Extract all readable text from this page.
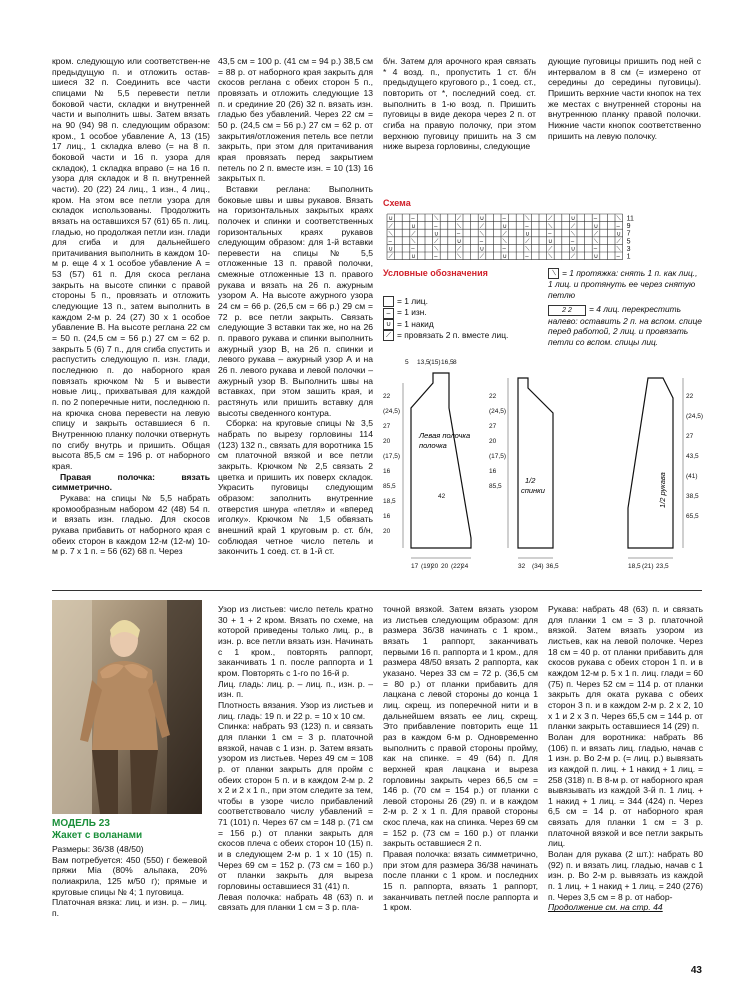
кром. следующую или соответствен-не предыдущую п. и отложить остав-шиеся 32 п. Соединить все части спицами № 5,5 перевести петли боковой части, складки и внутренней части и выполнить швы. Затем вязать на 90 (94) 98 п. следующим образом: кром., 1 особое убавление А, 13 (15) 17 лиц., 1 складка влево (= на 8 п. боковой части и 16 п. узора для складок), 1 складка вправо (= на 16 п. узора для складок и 8 п. внутренней части). 20 (22) 24 лиц., 1 изн., 4 лиц., кром. На этом все петли узора для складок использованы. Продолжить вязать на оставшихся 57 (61) 65 п. лиц. гладью, но продолжая петли изн. глади для сгиба и для дальнейшего притачивания выполнить в каждом 10-м р. еще 4 х 1 особое убавление А = 53 (57) 61 п. Для скоса реглана закрыть на высоте спинки с правой стороны 5 п., провязать и отложить следующие 13 п., затем выполнить в каждом 2-м р. 24 (27) 30 х 1 особое убавление В. На высоте реглана 22 см = 50 п. (24,5 см = 56 р.) 27 см = 62 р. закрыть 5 (6) 7 п., для сгиба спустить и распустить следующую п. изн. глади, последнюю п. до наборного края повязать крючком № 5 и вывести новые лиц., прихватывая для каждой п. по 2 поперечные нити, последнюю п. на крючка снова перевести на левую спицу и закрыть оставшиеся 6 п. Внутреннюю планку полочки отвернуть по сгибу внутрь и пришить. Общая высота 85,5 см = 196 р. от наборного края.

Правая полочка: вязать симметрично.

Рукава: на спицы № 5,5 набрать кромообразным набором 42 (48) 54 п. и вязать изн. гладью. Для скосов рукава прибавить от наборного края с обеих сторон в каждом 12-м (12-м) 10-м р. 7 х 1 п. = 56 (62) 68 п. Через

43,5 см = 100 р. (41 см = 94 р.) 38,5 см = 88 р. от наборного края закрыть для скосов реглана с обеих сторон 5 п., провязать и отложить следующие 13 п. и срединие 20 (26) 32 п. вязать изн. гладью без убавлений. Через 22 см = 50 р. (24,5 см = 56 р.) 27 см = 62 р. от закрытия/отложения петель все петли закрыть, при этом для притачивания края провязать перед закрытием петель по 2 п. вместе изн. = 10 (13) 16 закрытых п.

Вставки реглана: Выполнить боковые швы и швы рукавов. Вязать на горизонтальных закрытых краях полочек и спинки и соответственных горизонтальных краях рукавов следующим образом: для 1-й вставки перевести на спицы № 5,5 отложенные 13 п. правой полочки, смежные отложенные 13 п. правого рукава и вязать на 26 п. ажурным узором А. На высоте ажурного узора 24 см = 66 р. (26,5 см = 66 р.) 29 см = 72 р. все петли закрыть. Связать следующие 3 вставки так же, но на 26 п. правого рукава и спинки выполнить ажурный узор В, на 26 п. спинки и левого рукава – ажурный узор А и на 26 п. левого рукава и левой полочки – ажурный узор В. Выполнить швы на вставках, при этом зашить края, и растянуть или пришить вставку для высоты сведенного контура.

Сборка: на круговые спицы № 3,5 набрать по вырезу горловины 114 (123) 132 п., связать для воротника 15 см платочной вязкой и все петли закрыть. Крючком № 2,5 связать 2 цветка и пришить их поверх складок. Украсить пуговицы следующим образом: заполнить внутренние отверстия шнура «петля» и «вперед иголку». Крючком № 1,5 обвязать внешний край 1 круговым р. ст. б/н, соблюдая четное число петель и закончить 1 соед. ст. в 1-й ст.

б/н. Затем для арочного края связать * 4 возд. п., пропустить 1 ст. б/н предыдущего кругового р., 1 соед. ст., повторить от *, последний соед. ст. выполнить в 1-ю возд. п. Пришить пуговицы в виде декора через 2 п. от сгиба на правую полочку, при этом верхнюю пуговицу пришить на 3 см ниже выреза горловины, следующие

дующие пуговицы пришить под ней с интервалом в 8 см (= измерено от середины до середины пуговицы). Пришить верхние части кнопок на тех же местах с внутренней стороны на внутреннюю планку правой полочки. Нижние части кнопок соответственно пришить на левую полочку.

Схема
11
9
7
5
3
1
∪	–	⟍	⟋	∪	–	⟍	⟋	∪	–	⟍
⟋	∪	–	⟍	⟋	∪	–	⟍	⟋	∪	–
⟍	⟋	∪	–	⟍	⟋	∪	–	⟍	⟋	∪
–	⟍	⟋	∪	–	⟍	⟋	∪	–	⟍	⟋
∪	–	⟍	⟋	∪	–	⟍	⟋	∪	–	⟍
⟋	∪	–	⟍	⟋	∪	–	⟍	⟋	∪	–
Условные обозначения
= 1 лиц.
– = 1 изн.
∪ = 1 накид
⟋ = провязать 2 п. вместе лиц.
⟍ = 1 протяжка: снять 1 п. как лиц., 1 лиц. и протянуть ее через снятую петлю
2 2 = 4 лиц. перекрестить налево: оставить 2 п. на вспом. спице перед работой, 2 лиц. и провязать петли со вспом. спицы лиц.
Левая полочка
полочка
1/2
спинки	1/2 рукава
5 13,5 (15) 16,5 8
22
(24,5)
27
20
(17,5)
16
85,5
18,5
16
20
17 (19)
20 20 (22)
24
22
(24,5)
27
20
(17,5)
16
85,5
32 (34) 36,5
22
(24,5)
27
43,5
(41)
38,5
65,5
18,5 (21) 23,5
42
МОДЕЛЬ 23
Жакет с воланами

Размеры: 36/38 (48/50)

Вам потребуется: 450 (550) г бежевой пряжи Mia (80% альпака, 20% полиакрила, 125 м/50 г); прямые и круговые спицы № 4; 1 пуговица.

Платочная вязка: лиц. и изн. р. – лиц. п.

Узор из листьев: число петель кратно 30 + 1 + 2 кром. Вязать по схеме, на которой приведены только лиц. р., в изн. р. все петли вязать изн. Начинать с 1 кром., повторять раппорт, заканчивать 1 п. после раппорта и 1 кром. Повторять с 1-го по 16-й р.

Лиц. гладь: лиц. р. – лиц. п., изн. р. – изн. п.

Плотность вязания. Узор из листьев и лиц. гладь: 19 п. и 22 р. = 10 х 10 см.

Спинка: набрать 93 (123) п. и связать для планки 1 см = 3 р. платочной вязкой, начав с 1 изн. р. Затем вязать узором из листьев. Через 49 см = 108 р. от планки закрыть для пройм с обеих сторон 5 п. и в каждом 2-м р. 2 х 2 и 2 х 1 п., при этом следите за тем, чтобы в узоре число прибавлений соответствовало числу убавлений = 71 (101) п. Через 67 см = 148 р. (71 см = 156 р.) от планки закрыть для скосов плеча с обеих сторон 10 (15) п. и в следующем 2-м р. 1 х 10 (15) п. Через 69 см = 152 р. (73 см = 160 р.) от планки закрыть для выреза горловины оставшиеся 31 (41) п.

Левая полочка: набрать 48 (63) п. и связать для планки 1 см = 3 р. пла-

точной вязкой. Затем вязать узором из листьев следующим образом: для размера 36/38 начинать с 1 кром., вязать 1 раппорт, заканчивать первыми 16 п. раппорта и 1 кром., для размера 48/50 вязать 2 раппорта, как указано. Через 33 см = 72 р. (36,5 см = 80 р.) от планки прибавить для лацкана с левой стороны до конца 1 лиц. скрещ. из поперечной нити и в дальнейшем вязать ее лиц. скрещ. Это прибавление повторить еще 11 раз в каждом 6-м р. Одновременно выполнить с правой стороны пройму, как на спинке. = 49 (64) п. Для верхней края лацкана и выреза горловины закрыть через 66,5 см = 146 р. (70 см = 154 р.) от планки с левой стороны 26 (29) п. и в каждом 2-м р. 2 х 1 п. Для правой стороны скос плеча, как на спинка. Через 69 см = 152 р. (73 см = 160 р.) от планки закрыть оставшиеся 2 п.

Правая полочка: вязать симметрично, при этом для размера 36/38 начинать после планки с 1 кром. и последних 15 п. раппорта, вязать 1 раппорт, заканчивать петлей после раппорта и 1 кром.

Рукава: набрать 48 (63) п. и связать для планки 1 см = 3 р. платочной вязкой. Затем вязать узором из листьев, как на левой полочке. Через 18 см = 40 р. от планки прибавить для скосов рукава с обеих сторон 1 п. и в каждом 12-м р. 5 х 1 п. лиц. глади = 60 (75) п. Через 52 см = 114 р. от планки закрыть для оката рукава с обеих сторон 3 п. и в каждом 2-м р. 2 х 2, 10 х 1 и 2 х 3 п. Через 65,5 см = 144 р. от планки закрыть оставшиеся 14 (29) п.

Волан для воротника: набрать 86 (106) п. и вязать лиц. гладью, начав с 1 изн. р. Во 2-м р. (= лиц. р.) вывязать из каждой п. лиц. + 1 накид + 1 лиц. = 258 (318) п. В 8-м р. от наборного края вывязывать из каждой 3-й п. 1 лиц. + 1 накид + 1 лиц. = 344 (424) п. Через 6,5 см = 14 р. от наборного края связать для планки 1 см = 3 р. платочной вязкой и все петли закрыть лиц.

Волан для рукава (2 шт.): набрать 80 (92) п. и вязать лиц. гладью, начав с 1 изн. р. Во 2-м р. вывязать из каждой п. 1 лиц. + 1 накид + 1 лиц. = 240 (276) п. Через 3,5 см = 8 р. от набор-

Продолжение см. на стр. 44

43
